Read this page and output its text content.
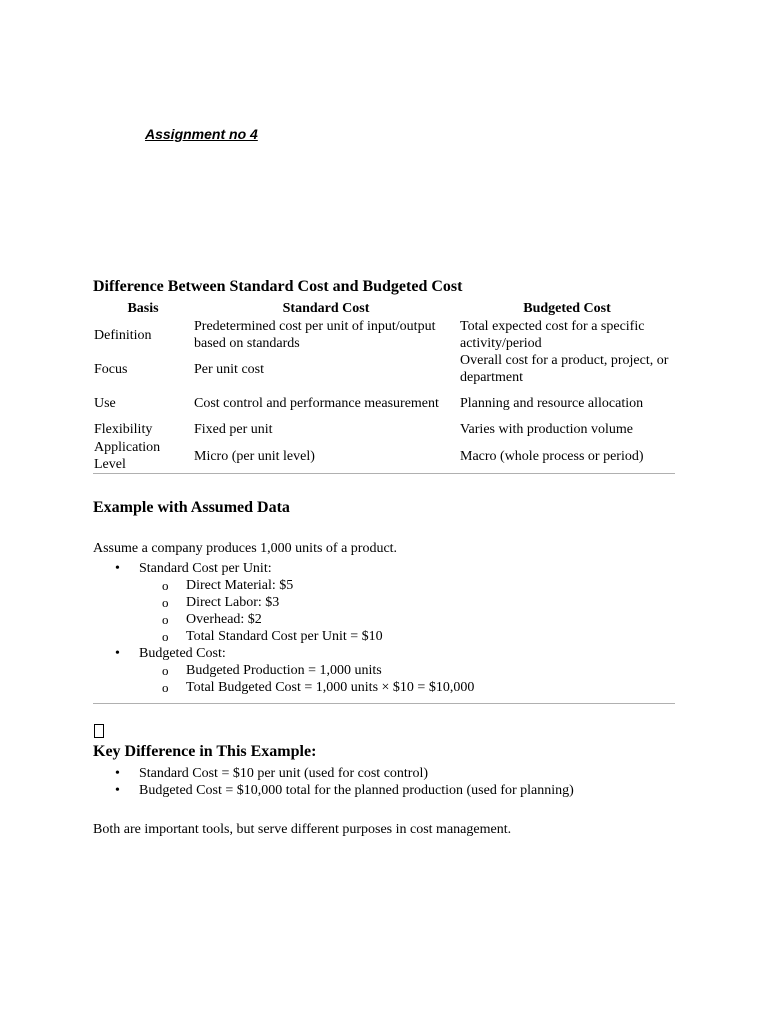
Assignment no 4
Difference Between Standard Cost and Budgeted Cost
Basis	Standard Cost	Budgeted Cost
Definition	Predetermined cost per unit of input/output based on standards	Total expected cost for a specific activity/period
Focus	Per unit cost	Overall cost for a product, project, or department
Use	Cost control and performance measurement	Planning and resource allocation
Flexibility	Fixed per unit	Varies with production volume
Application Level	Micro (per unit level)	Macro (whole process or period)
Example with Assumed Data

Assume a company produces 1,000 units of a product.

• Standard Cost per Unit:
o Direct Material: $5
o Direct Labor: $3
o Overhead: $2
o Total Standard Cost per Unit = $10
• Budgeted Cost:
o Budgeted Production = 1,000 units
o Total Budgeted Cost = 1,000 units × $10 = $10,000
Key Difference in This Example:
• Standard Cost = $10 per unit (used for cost control)
• Budgeted Cost = $10,000 total for the planned production (used for planning)

Both are important tools, but serve different purposes in cost management.
